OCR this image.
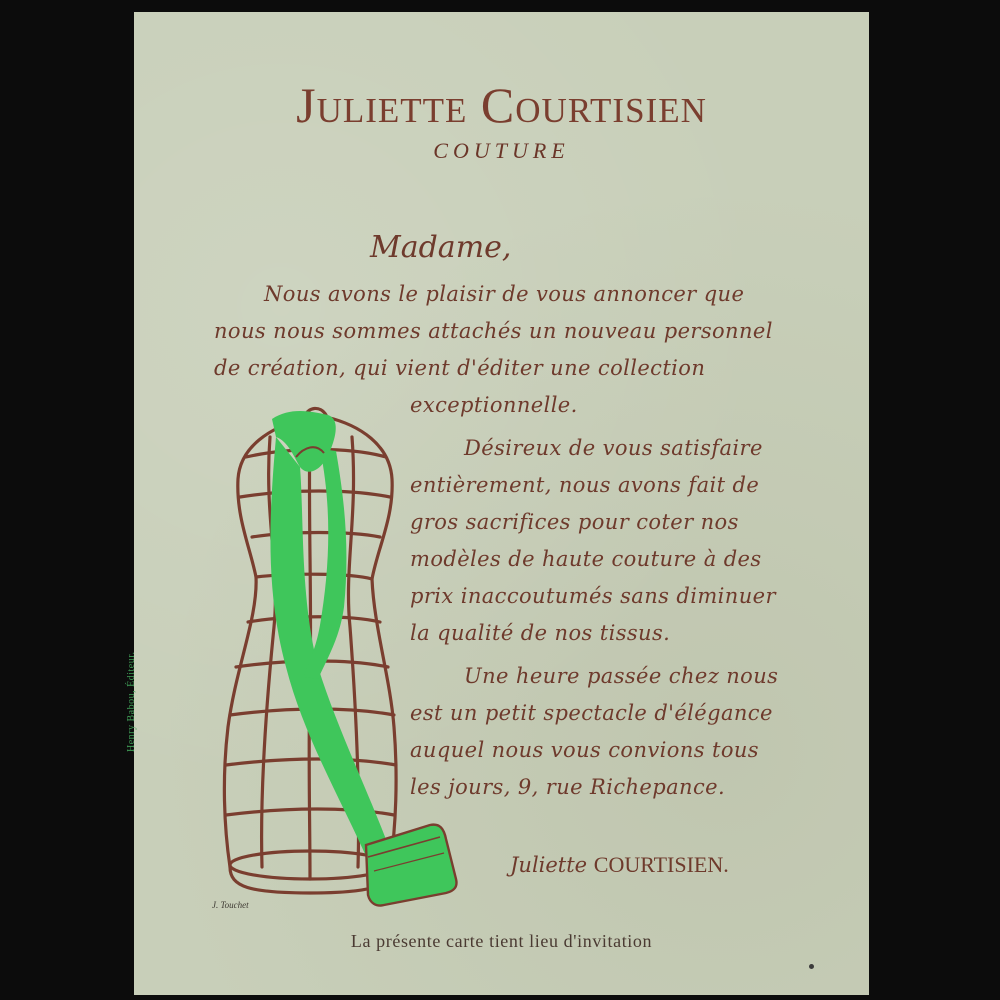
Juliette Courtisien
COUTURE
Madame,
Nous avons le plaisir de vous annoncer que
nous nous sommes attachés un nouveau personnel
de création, qui vient d'éditer une collection
exceptionnelle.
Désireux de vous satisfaire
entièrement, nous avons fait de
gros sacrifices pour coter nos
modèles de haute couture à des
prix inaccoutumés sans diminuer
la qualité de nos tissus.
Une heure passée chez nous
est un petit spectacle d'élégance
auquel nous vous convions tous
les jours, 9, rue Richepance.
Juliette COURTISIEN.
J. Touchet
Henry Babou, Éditeur.
La présente carte tient lieu d'invitation
